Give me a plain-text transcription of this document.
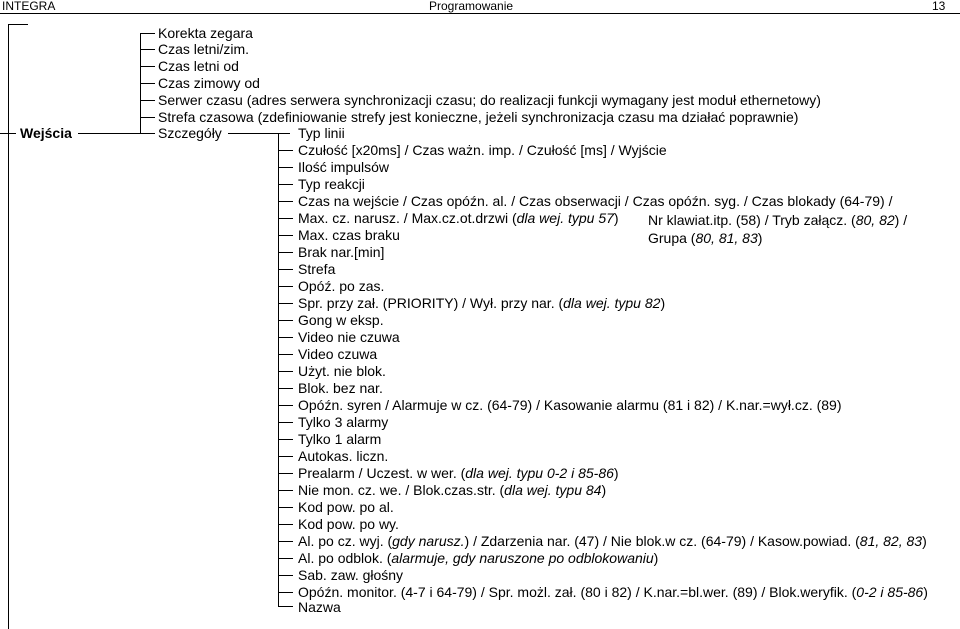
INTEGRA	Programowanie	13
Wejścia
Korekta zegara
Czas letni/zim.
Czas letni od
Czas zimowy od
Serwer czasu (adres serwera synchronizacji czasu; do realizacji funkcji wymagany jest moduł ethernetowy)
Strefa czasowa (zdefiniowanie strefy jest konieczne, jeżeli synchronizacja czasu ma działać poprawnie)
Szczegóły	Typ linii
Czułość [x20ms] / Czas ważn. imp. / Czułość [ms] / Wyjście
Ilość impulsów
Typ reakcji
Czas na wejście / Czas opóźn. al. / Czas obserwacji / Czas opóźn. syg. / Czas blokady (64-79) /
Max. cz. narusz. / Max.cz.ot.drzwi (dla wej. typu 57) Nr klawiat.itp. (58) / Tryb załącz. (80, 82) /
Max. czas braku	Grupa (80, 81, 83)
Brak nar.[min]
Strefa
Opóź. po zas.
Spr. przy zał. (PRIORITY) / Wył. przy nar. (dla wej. typu 82)
Gong w eksp.
Video nie czuwa
Video czuwa
Użyt. nie blok.
Blok. bez nar.
Opóźn. syren / Alarmuje w cz. (64-79) / Kasowanie alarmu (81 i 82) / K.nar.=wył.cz. (89)
Tylko 3 alarmy
Tylko 1 alarm
Autokas. liczn.
Prealarm / Uczest. w wer. (dla wej. typu 0-2 i 85-86)
Nie mon. cz. we. / Blok.czas.str. (dla wej. typu 84)
Kod pow. po al.
Kod pow. po wy.
Al. po cz. wyj. (gdy narusz.) / Zdarzenia nar. (47) / Nie blok.w cz. (64-79) / Kasow.powiad. (81, 82, 83)
Al. po odblok. (alarmuje, gdy naruszone po odblokowaniu)
Sab. zaw. głośny
Opóźn. monitor. (4-7 i 64-79) / Spr. możl. zał. (80 i 82) / K.nar.=bl.wer. (89) / Blok.weryfik. (0-2 i 85-86)
Nazwa
